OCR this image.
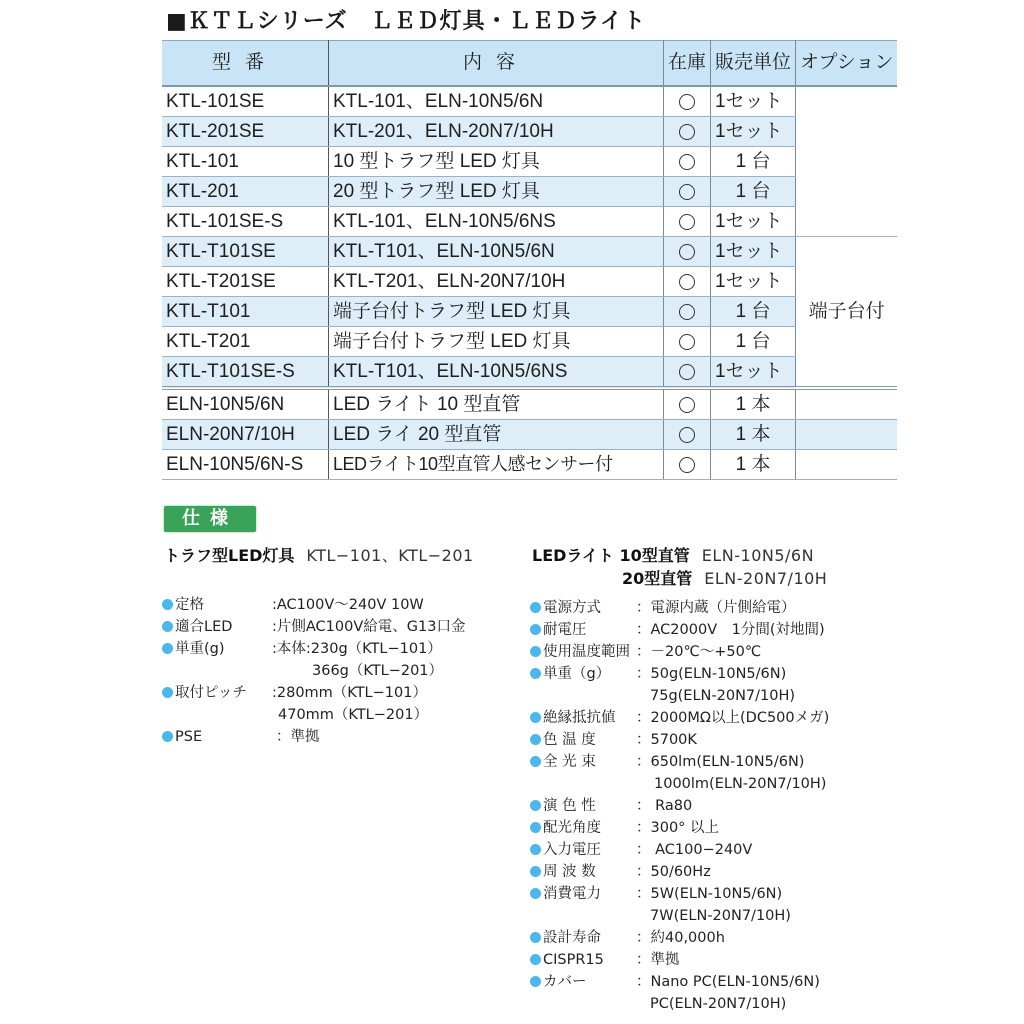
■ＫＴＬシリーズ　ＬＥＤ灯具・ＬＥＤライト
型番	内容	在庫	販売単位	オプション
KTL-101SE	KTL-101、ELN-10N5/6N		1セット	
KTL-201SE	KTL-201、ELN-20N7/10H		1セット	
KTL-101	10 型トラフ型 LED 灯具		1 台	
KTL-201	20 型トラフ型 LED 灯具		1 台	
KTL-101SE-S	KTL-101、ELN-10N5/6NS		1セット	
KTL-T101SE	KTL-T101、ELN-10N5/6N		1セット	端子台付
KTL-T201SE	KTL-T201、ELN-20N7/10H		1セット	
KTL-T101	端子台付トラフ型 LED 灯具		1 台	
KTL-T201	端子台付トラフ型 LED 灯具		1 台	
KTL-T101SE-S	KTL-T101、ELN-10N5/6NS		1セット	
ELN-10N5/6N	LED ライト 10 型直管		1 本	
ELN-20N7/10H	LED ライ 20 型直管		1 本	
ELN-10N5/6N-S	LEDライト10型直管人感センサー付		1 本	
仕様
トラフ型LED灯具 KTL−101、KTL−201	LEDライト 10型直管 ELN-10N5/6N
20型直管 ELN-20N7/10H
定格	:AC100V～240V 10W
適合LED	:片側AC100V給電、G13口金
単重(g)	:本体:230g（KTL−101）
366g（KTL−201）
取付ピッチ :280mm（KTL−101）
470mm（KTL−201）
PSE	：準拠
電源方式 ：電源内蔵（片側給電）
耐電圧	：AC2000V　1分間(対地間)
使用温度範囲 ：－20℃～+50℃
単重（g） ：50g(ELN-10N5/6N)
75g(ELN-20N7/10H)
絶縁抵抗値 ：2000MΩ以上(DC500メガ)
色 温 度	：5700K
全 光 束	：650lm(ELN-10N5/6N)
1000lm(ELN-20N7/10H)
演 色 性	： Ra80
配光角度 ：300° 以上
入力電圧 ： AC100−240V
周 波 数	：50/60Hz
消費電力 ：5W(ELN-10N5/6N)
7W(ELN-20N7/10H)
設計寿命 ：約40,000h
CISPR15 ：準拠
カバー	：Nano PC(ELN-10N5/6N)
PC(ELN-20N7/10H)
